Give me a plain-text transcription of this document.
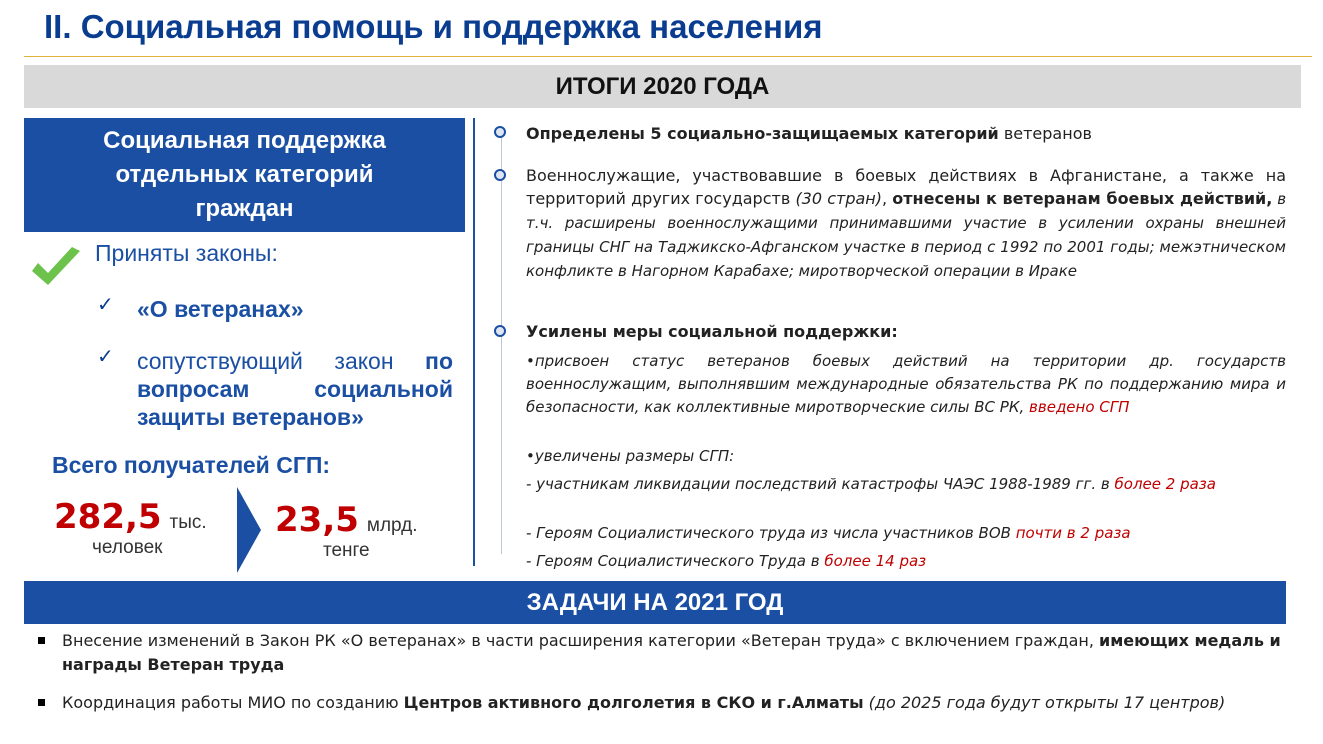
II. Социальная помощь и поддержка населения
ИТОГИ 2020 ГОДА
Социальная поддержка
отдельных категорий
граждан
Приняты законы:
✓ «О ветеранах»
✓ сопутствующий закон по вопросам социальной защиты ветеранов»
Всего получателей СГП:
282,5 тыс.
человек
23,5 млрд.
тенге
Определены 5 социально-защищаемых категорий ветеранов
Военнослужащие, участвовавшие в боевых действиях в Афганистане, а также на территорий других государств (30 стран), отнесены к ветеранам боевых действий, в т.ч. расширены военнослужащими принимавшими участие в усилении охраны внешней границы СНГ на Таджикско-Афганском участке в период с 1992 по 2001 годы; межэтническом конфликте в Нагорном Карабахе; миротворческой операции в Ираке
Усилены меры социальной поддержки:
•присвоен статус ветеранов боевых действий на территории др. государств военнослужащим, выполнявшим международные обязательства РК по поддержанию мира и безопасности, как коллективные миротворческие силы ВС РК, введено СГП
•увеличены размеры СГП:
- участникам ликвидации последствий катастрофы ЧАЭС 1988-1989 гг. в более 2 раза
- Героям Социалистического труда из числа участников ВОВ почти в 2 раза
- Героям Социалистического Труда в более 14 раз
ЗАДАЧИ НА 2021 ГОД
Внесение изменений в Закон РК «О ветеранах» в части расширения категории «Ветеран труда» с включением граждан, имеющих медаль и награды Ветеран труда
Координация работы МИО по созданию Центров активного долголетия в СКО и г.Алматы (до 2025 года будут открыты 17 центров)
